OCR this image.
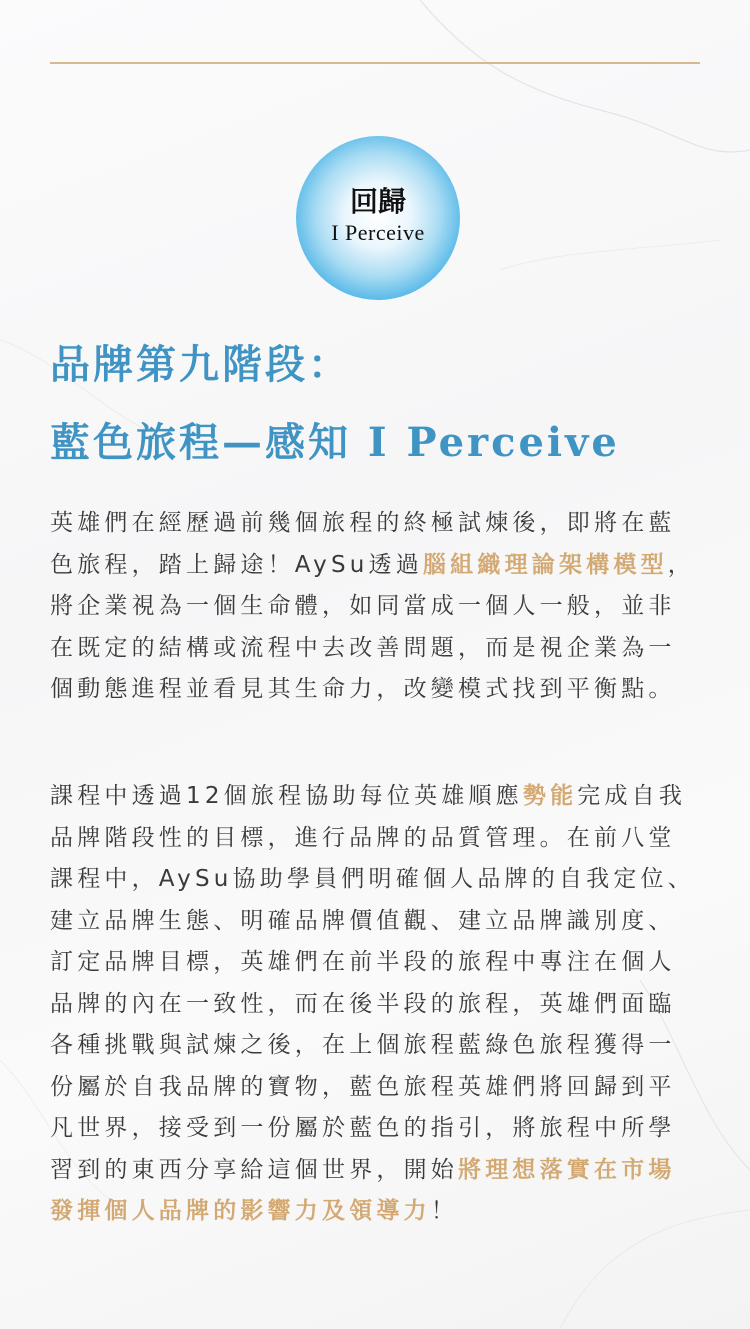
回歸
I Perceive
品牌第九階段：
藍色旅程—感知 I Perceive

英雄們在經歷過前幾個旅程的終極試煉後，即將在藍色旅程，踏上歸途！AySu透過腦組織理論架構模型，將企業視為一個生命體，如同當成一個人一般，並非在既定的結構或流程中去改善問題，而是視企業為一個動態進程並看見其生命力，改變模式找到平衡點。

課程中透過12個旅程協助每位英雄順應勢能完成自我品牌階段性的目標，進行品牌的品質管理。在前八堂課程中，AySu協助學員們明確個人品牌的自我定位、建立品牌生態、明確品牌價值觀、建立品牌識別度、訂定品牌目標，英雄們在前半段的旅程中專注在個人品牌的內在一致性，而在後半段的旅程，英雄們面臨各種挑戰與試煉之後，在上個旅程藍綠色旅程獲得一份屬於自我品牌的寶物，藍色旅程英雄們將回歸到平凡世界，接受到一份屬於藍色的指引，將旅程中所學習到的東西分享給這個世界，開始將理想落實在市場發揮個人品牌的影響力及領導力！
